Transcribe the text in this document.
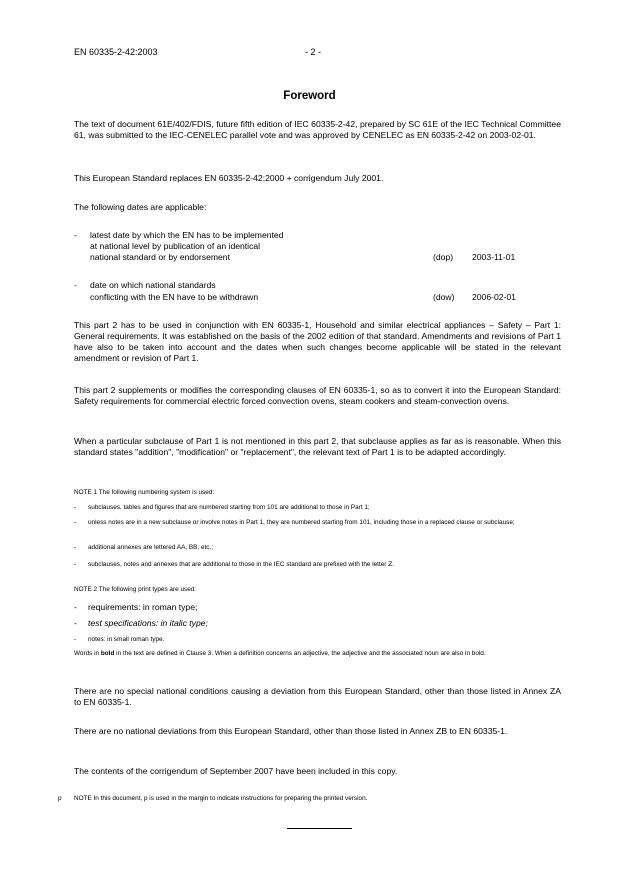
EN 60335-2-42:2003	- 2 -
Foreword
The text of document 61E/402/FDIS, future fifth edition of IEC 60335-2-42, prepared by SC 61E of the IEC Technical Committee 61, was submitted to the IEC-CENELEC parallel vote and was approved by CENELEC as EN 60335-2-42 on 2003-02-01.
This European Standard replaces EN 60335-2-42:2000 + corrigendum July 2001.
The following dates are applicable:
- latest date by which the EN has to be implemented
at national level by publication of an identical
national standard or by endorsement	(dop) 2003-11-01
- date on which national standards
conflicting with the EN have to be withdrawn	(dow) 2006-02-01
This part 2 has to be used in conjunction with EN 60335-1, Household and similar electrical appliances – Safety – Part 1: General requirements. It was established on the basis of the 2002 edition of that standard. Amendments and revisions of Part 1 have also to be taken into account and the dates when such changes become applicable will be stated in the relevant amendment or revision of Part 1.
This part 2 supplements or modifies the corresponding clauses of EN 60335-1, so as to convert it into the European Standard: Safety requirements for commercial electric forced convection ovens, steam cookers and steam-convection ovens.
When a particular subclause of Part 1 is not mentioned in this part 2, that subclause applies as far as is reasonable. When this standard states "addition", "modification" or "replacement", the relevant text of Part 1 is to be adapted accordingly.
NOTE 1 The following numbering system is used:
- subclauses, tables and figures that are numbered starting from 101 are additional to those in Part 1;
- unless notes are in a new subclause or involve notes in Part 1, they are numbered starting from 101, including those in a replaced clause or subclause;
- additional annexes are lettered AA, BB, etc.;
- subclauses, notes and annexes that are additional to those in the IEC standard are prefixed with the letter Z.
NOTE 2 The following print types are used:
- requirements: in roman type;
- test specifications: in italic type;
- notes: in small roman type.
Words in bold in the text are defined in Clause 3. When a definition concerns an adjective, the adjective and the associated noun are also in bold.
There are no special national conditions causing a deviation from this European Standard, other than those listed in Annex ZA to EN 60335-1.
There are no national deviations from this European Standard, other than those listed in Annex ZB to EN 60335-1.
The contents of the corrigendum of September 2007 have been included in this copy.
p NOTE In this document, p is used in the margin to indicate instructions for preparing the printed version.
